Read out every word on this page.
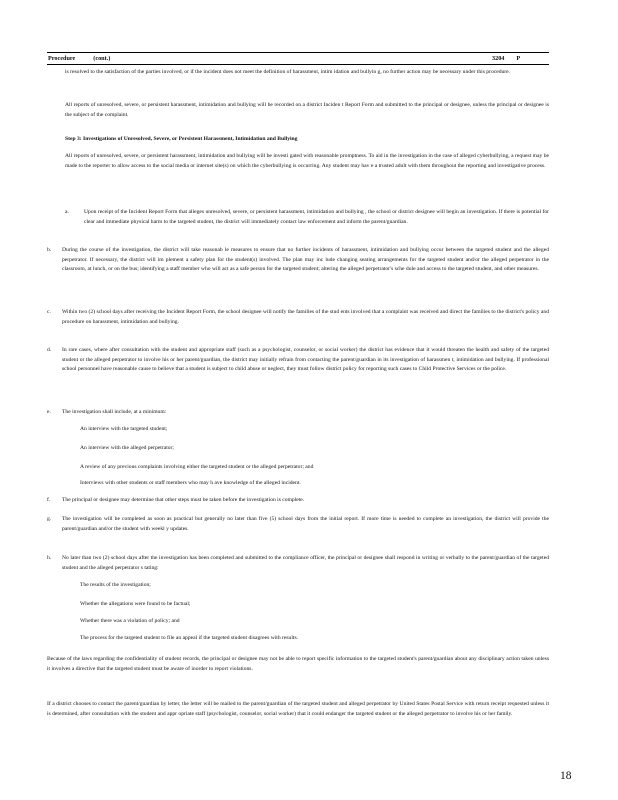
Procedure	(cont.)	3204 P

is resolved to the satisfaction of the parties involved, or if the incident does not meet the definition of harassment, intim idation and bullyin g, no further action may be necessary under this procedure.

All reports of unresolved, severe, or persistent harassment, intimidation and bullying will be recorded on a district Inciden t Report Form and submitted to the principal or designee, unless the principal or designee is the subject of the complaint.

Step 3: Investigations of Unresolved, Severe, or Persistent Harassment, Intimidation and Bullying

All reports of unresolved, severe, or persistent harassment, intimidation and bullying will be investi gated with reasonable promptness. To aid in the investigation in the case of alleged cyberbullying, a request may be made to the reporter to allow access to the social media or internet site(s) on which the cyberbullying is occurring. Any student may hav e a trusted adult with them throughout the reporting and investigative process.

a.	Upon receipt of the Incident Report Form that alleges unresolved, severe, or persistent harassment, intimidation and bullying , the school or district designee will begin an investigation. If there is potential for clear and immediate physical harm to the targeted student, the district will immediately contact law enforcement and inform the parent/guardian.

b. During the course of the investigation, the district will take reasonab le measures to ensure that no further incidents of harassment, intimidation and bullying occur between the targeted student and the alleged perpetrator. If necessary, the district will im plement a safety plan for the student(s) involved. The plan may inc lude changing seating arrangements for the targeted student and/or the alleged perpetrator in the classroom, at lunch, or on the bus; identifying a staff member who will act as a safe person for the targeted student; altering the alleged perpetrator's sche dule and access to the targeted student, and other measures.

c. Within two (2) school days after receiving the Incident Report Form, the school designee will notify the families of the stud ents involved that a complaint was received and direct the families to the district's policy and procedure on harassment, intimidation and bullying.

d. In rare cases, where after consultation with the student and appropriate staff (such as a psychologist, counselor, or social worker) the district has evidence that it would threaten the health and safety of the targeted student or the alleged perpetrator to involve his or her parent/guardian, the district may initially refrain from contacting the parent/guardian in its investigation of harassmen t, intimidation and bullying. If professional school personnel have reasonable cause to believe that a student is subject to child abuse or neglect, they must follow district policy for reporting such cases to Child Protective Services or the police.

e. The investigation shall include, at a minimum:

An interview with the targeted student;
An interview with the alleged perpetrator;
A review of any previous complaints involving either the targeted student or the alleged perpetrator; and
Interviews with other students or staff members who may h ave knowledge of the alleged incident.
f. The principal or designee may determine that other steps must be taken before the investigation is complete.

g. The investigation will be completed as soon as practical but generally no later than five (5) school days from the initial report. If more time is needed to complete an investigation, the district will provide the parent/guardian and/or the student with weekl y updates.

h. No later than two (2) school days after the investigation has been completed and submitted to the compliance officer, the principal or designee shall respond in writing or verbally to the parent/guardian of the targeted student and the alleged perpetrator s tating:

The results of the investigation;
Whether the allegations were found to be factual;
Whether there was a violation of policy; and
The process for the targeted student to file an appeal if the targeted student disagrees with results.

Because of the laws regarding the confidentiality of student records, the principal or designee may not be able to report specific information to the targeted student's parent/guardian about any disciplinary action taken unless it involves a directive that the targeted student must be aware of inorder to report violations.

If a district chooses to contact the parent/guardian by letter, the letter will be mailed to the parent/guardian of the targeted student and alleged perpetrator by United States Postal Service with return receipt requested unless it is determined, after consultation with the student and appr opriate staff (psychologist, counselor, social worker) that it could endanger the targeted student or the alleged perpetrator to involve his or her family.

18
